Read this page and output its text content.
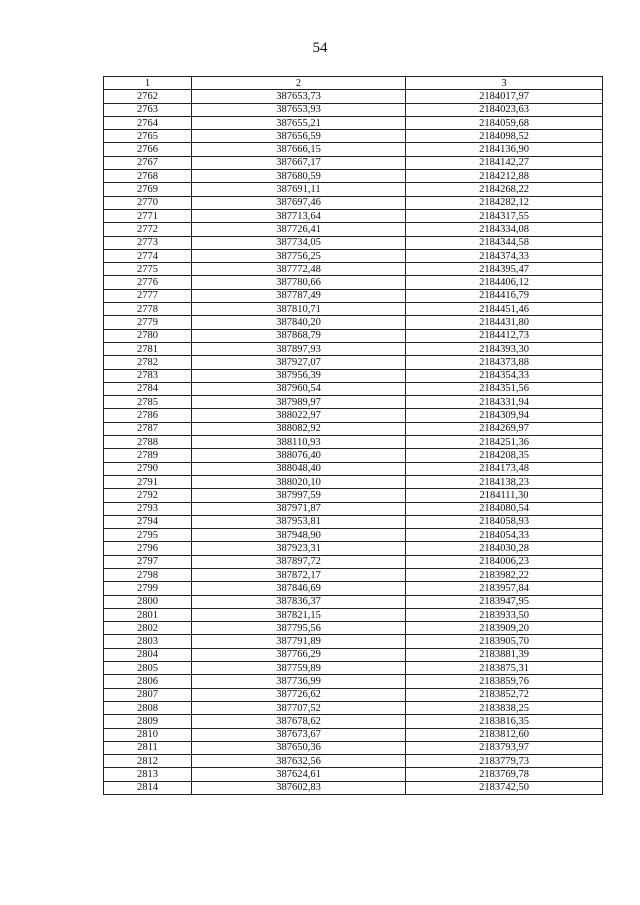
54
1	2	3
2762	387653,73	2184017,97
2763	387653,93	2184023,63
2764	387655,21	2184059,68
2765	387656,59	2184098,52
2766	387666,15	2184136,90
2767	387667,17	2184142,27
2768	387680,59	2184212,88
2769	387691,11	2184268,22
2770	387697,46	2184282,12
2771	387713,64	2184317,55
2772	387726,41	2184334,08
2773	387734,05	2184344,58
2774	387756,25	2184374,33
2775	387772,48	2184395,47
2776	387780,66	2184406,12
2777	387787,49	2184416,79
2778	387810,71	2184451,46
2779	387840,20	2184431,80
2780	387868,79	2184412,73
2781	387897,93	2184393,30
2782	387927,07	2184373,88
2783	387956,39	2184354,33
2784	387960,54	2184351,56
2785	387989,97	2184331,94
2786	388022,97	2184309,94
2787	388082,92	2184269,97
2788	388110,93	2184251,36
2789	388076,40	2184208,35
2790	388048,40	2184173,48
2791	388020,10	2184138,23
2792	387997,59	2184111,30
2793	387971,87	2184080,54
2794	387953,81	2184058,93
2795	387948,90	2184054,33
2796	387923,31	2184030,28
2797	387897,72	2184006,23
2798	387872,17	2183982,22
2799	387846,69	2183957,84
2800	387836,37	2183947,95
2801	387821,15	2183933,50
2802	387795,56	2183909,20
2803	387791,89	2183905,70
2804	387766,29	2183881,39
2805	387759,89	2183875,31
2806	387736,99	2183859,76
2807	387726,62	2183852,72
2808	387707,52	2183838,25
2809	387678,62	2183816,35
2810	387673,67	2183812,60
2811	387650,36	2183793,97
2812	387632,56	2183779,73
2813	387624,61	2183769,78
2814	387602,83	2183742,50
